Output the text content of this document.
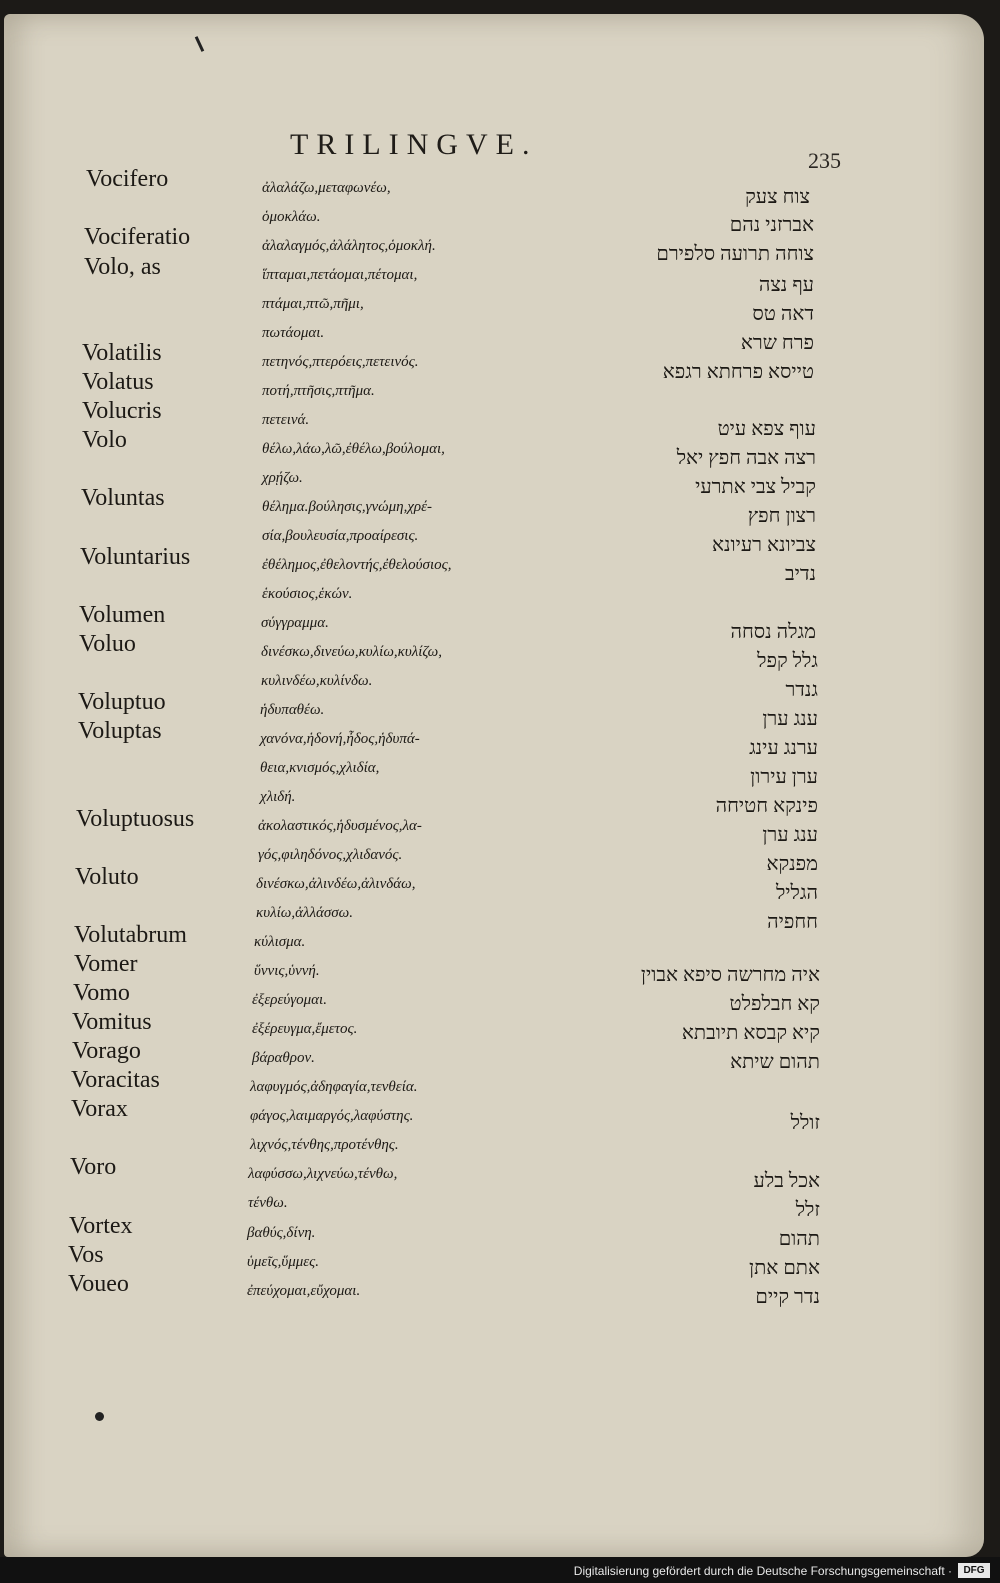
TRILINGVE.	235
Vocifero
Vociferatio
Volo, as
Volatilis
Volatus
Volucris
Volo
Voluntas
Voluntarius
Volumen
Voluo
Voluptuo
Voluptas
Voluptuosus
Voluto
Volutabrum
Vomer
Vomo
Vomitus
Vorago
Voracitas
Vorax
Voro
Vortex
Vos
Voueo
ἀλαλάζω,μεταφωνέω,
ὁμοκλάω.
ἀλαλαγμός,ἀλάλητος,ὁμοκλή.
ἵπταμαι,πετάομαι,πέτομαι,
πτάμαι,πτῶ,πῆμι,
πωτάομαι.
πετηνός,πτερόεις,πετεινός.
ποτή,πτῆσις,πτῆμα.
πετεινά.
θέλω,λάω,λῶ,ἐθέλω,βούλομαι,
χρῄζω.
θέλημα.βούλησις,γνώμη,χρέ-
σία,βουλευσία,προαίρεσις.
ἐθέλημος,ἐθελοντής,ἐθελούσιος,
ἑκούσιος,ἑκών.
σύγγραμμα.
δινέσκω,δινεύω,κυλίω,κυλίζω,
κυλινδέω,κυλίνδω.
ἡδυπαθέω.
χανόνα,ἡδονή,ἦδος,ἡδυπά-
θεια,κνισμός,χλιδία,
χλιδή.
ἀκολαστικός,ἡδυσμένος,λα-
γός,φιληδόνος,χλιδανός.
δινέσκω,ἀλινδέω,ἀλινδάω,
κυλίω,ἀλλάσσω.
κύλισμα.
ὕννις,ὑννή.
ἐξερεύγομαι.
ἐξέρευγμα,ἔμετος.
βάραθρον.
λαφυγμός,ἀδηφαγία,τενθεία.
φάγος,λαιμαργός,λαφύστης.
λιχνός,τένθης,προτένθης.
λαφύσσω,λιχνεύω,τένθω,
τένθω.
βαθύς,δίνη.
ὑμεῖς,ὕμμες.
ἐπεύχομαι,εὔχομαι.
צוח צעק
אברזני נהם
צוחה תרועה סלפירם
עף נצה
דאה טס
פרח שרא
טייסא פרחתא רגפא
עוף צפא עיט
רצה אבה חפץ יאל
קביל צבי אתרעי
רצון חפץ
צביונא רעיונא
נדיב
מגלה נסחה
גלל קפל
גנדר
ענג ערן
ערנג עינג
ערן עירון
פינקא חטיחה
ענג ערן
מפנקא
הגליל
חחפיה
איה מחרשה סיפא אבוין
קא חבלפלט
קיא קבסא תיובתא
תהום שיתא
זולל
אכל בלע
זלל
תהום
אתם אתן
נדר קיים
Digitalisierung gefördert durch die Deutsche Forschungsgemeinschaft ·	DFG
